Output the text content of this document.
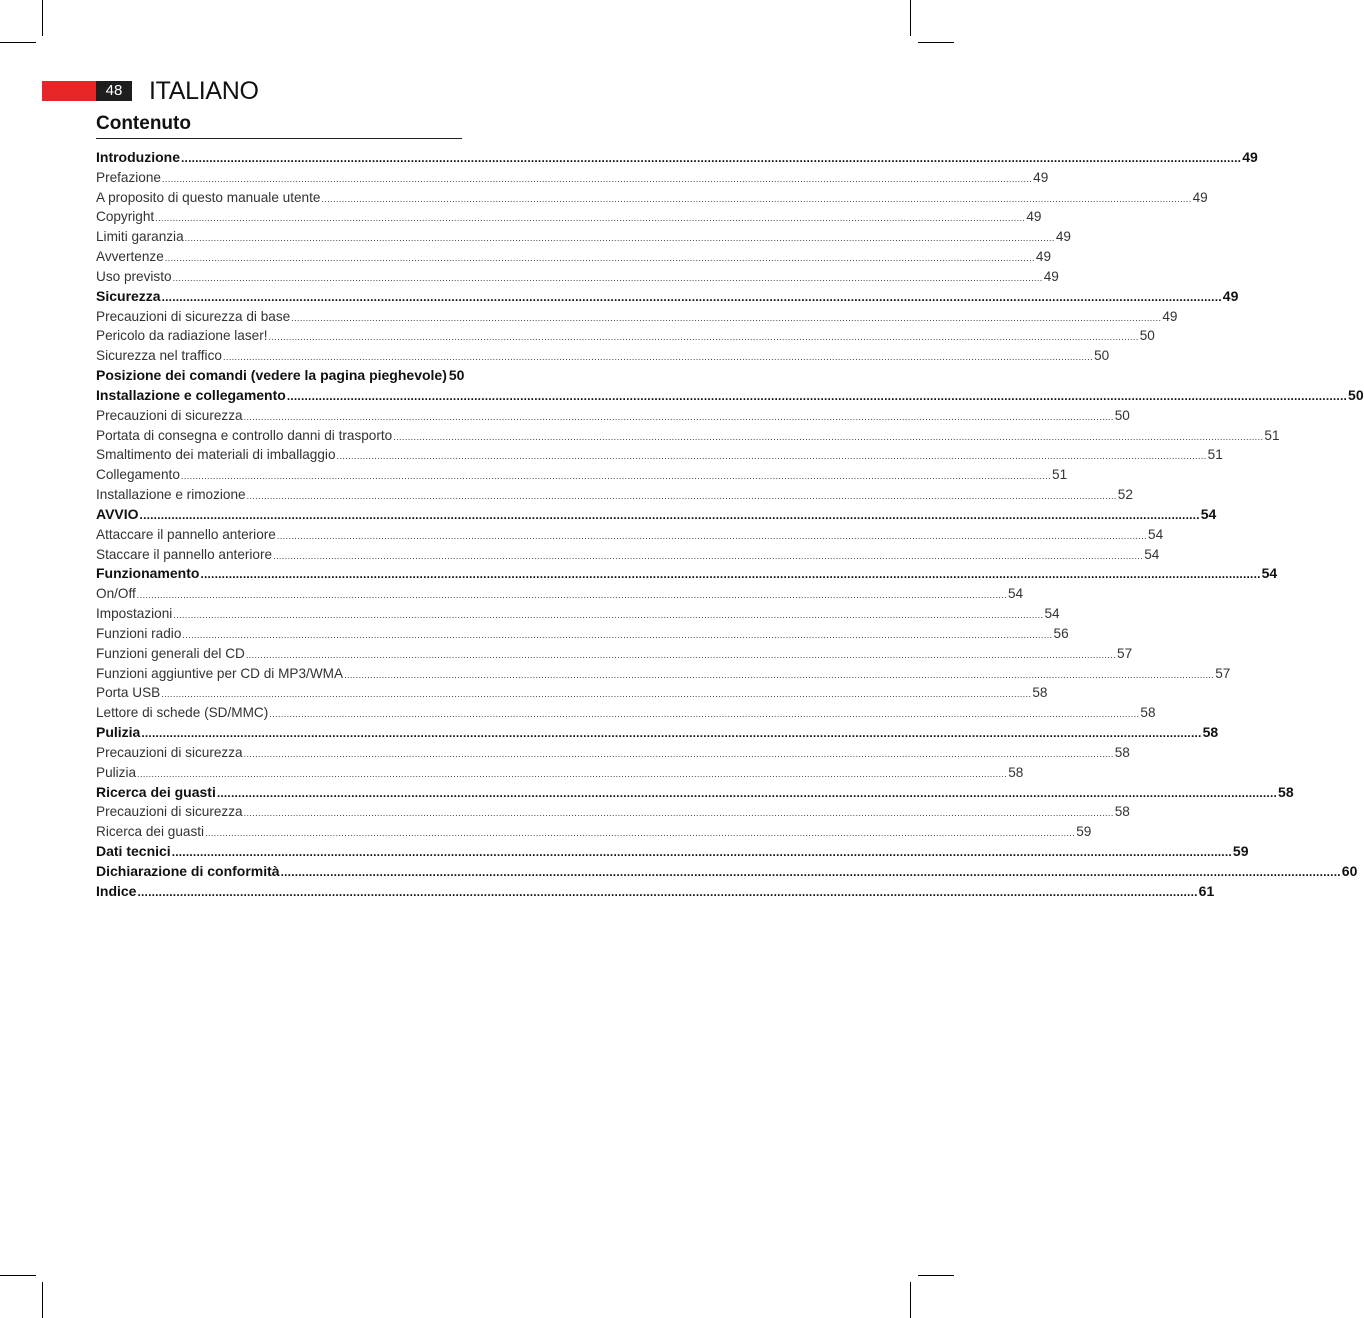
48	ITALIANO
Contenuto
Introduzione ............................................................................................................................................................................................................................................................................................................ 49
Prefazione ............................................................................................................................................................................................................................................................................................................ 49
A proposito di questo manuale utente ............................................................................................................................................................................................................................................................................................................ 49
Copyright ............................................................................................................................................................................................................................................................................................................ 49
Limiti garanzia ............................................................................................................................................................................................................................................................................................................ 49
Avvertenze ............................................................................................................................................................................................................................................................................................................ 49
Uso previsto ............................................................................................................................................................................................................................................................................................................ 49
Sicurezza ............................................................................................................................................................................................................................................................................................................ 49
Precauzioni di sicurezza di base ............................................................................................................................................................................................................................................................................................................ 49
Pericolo da radiazione laser! ............................................................................................................................................................................................................................................................................................................ 50
Sicurezza nel traffico ............................................................................................................................................................................................................................................................................................................ 50
Posizione dei comandi (vedere la pagina pieghevole) 50
Installazione e collegamento ............................................................................................................................................................................................................................................................................................................ 50
Precauzioni di sicurezza ............................................................................................................................................................................................................................................................................................................ 50
Portata di consegna e controllo danni di trasporto ............................................................................................................................................................................................................................................................................................................ 51
Smaltimento dei materiali di imballaggio ............................................................................................................................................................................................................................................................................................................ 51
Collegamento ............................................................................................................................................................................................................................................................................................................ 51
Installazione e rimozione ............................................................................................................................................................................................................................................................................................................ 52
AVVIO ............................................................................................................................................................................................................................................................................................................ 54
Attaccare il pannello anteriore ............................................................................................................................................................................................................................................................................................................ 54
Staccare il pannello anteriore ............................................................................................................................................................................................................................................................................................................ 54
Funzionamento ............................................................................................................................................................................................................................................................................................................ 54
On/Off ............................................................................................................................................................................................................................................................................................................ 54
Impostazioni ............................................................................................................................................................................................................................................................................................................ 54
Funzioni radio ............................................................................................................................................................................................................................................................................................................ 56
Funzioni generali del CD ............................................................................................................................................................................................................................................................................................................ 57
Funzioni aggiuntive per CD di MP3/WMA ............................................................................................................................................................................................................................................................................................................ 57
Porta USB ............................................................................................................................................................................................................................................................................................................ 58
Lettore di schede (SD/MMC) ............................................................................................................................................................................................................................................................................................................ 58
Pulizia ............................................................................................................................................................................................................................................................................................................ 58
Precauzioni di sicurezza ............................................................................................................................................................................................................................................................................................................ 58
Pulizia ............................................................................................................................................................................................................................................................................................................ 58
Ricerca dei guasti ............................................................................................................................................................................................................................................................................................................ 58
Precauzioni di sicurezza ............................................................................................................................................................................................................................................................................................................ 58
Ricerca dei guasti ............................................................................................................................................................................................................................................................................................................ 59
Dati tecnici ............................................................................................................................................................................................................................................................................................................ 59
Dichiarazione di conformità ............................................................................................................................................................................................................................................................................................................ 60
Indice ............................................................................................................................................................................................................................................................................................................ 61
